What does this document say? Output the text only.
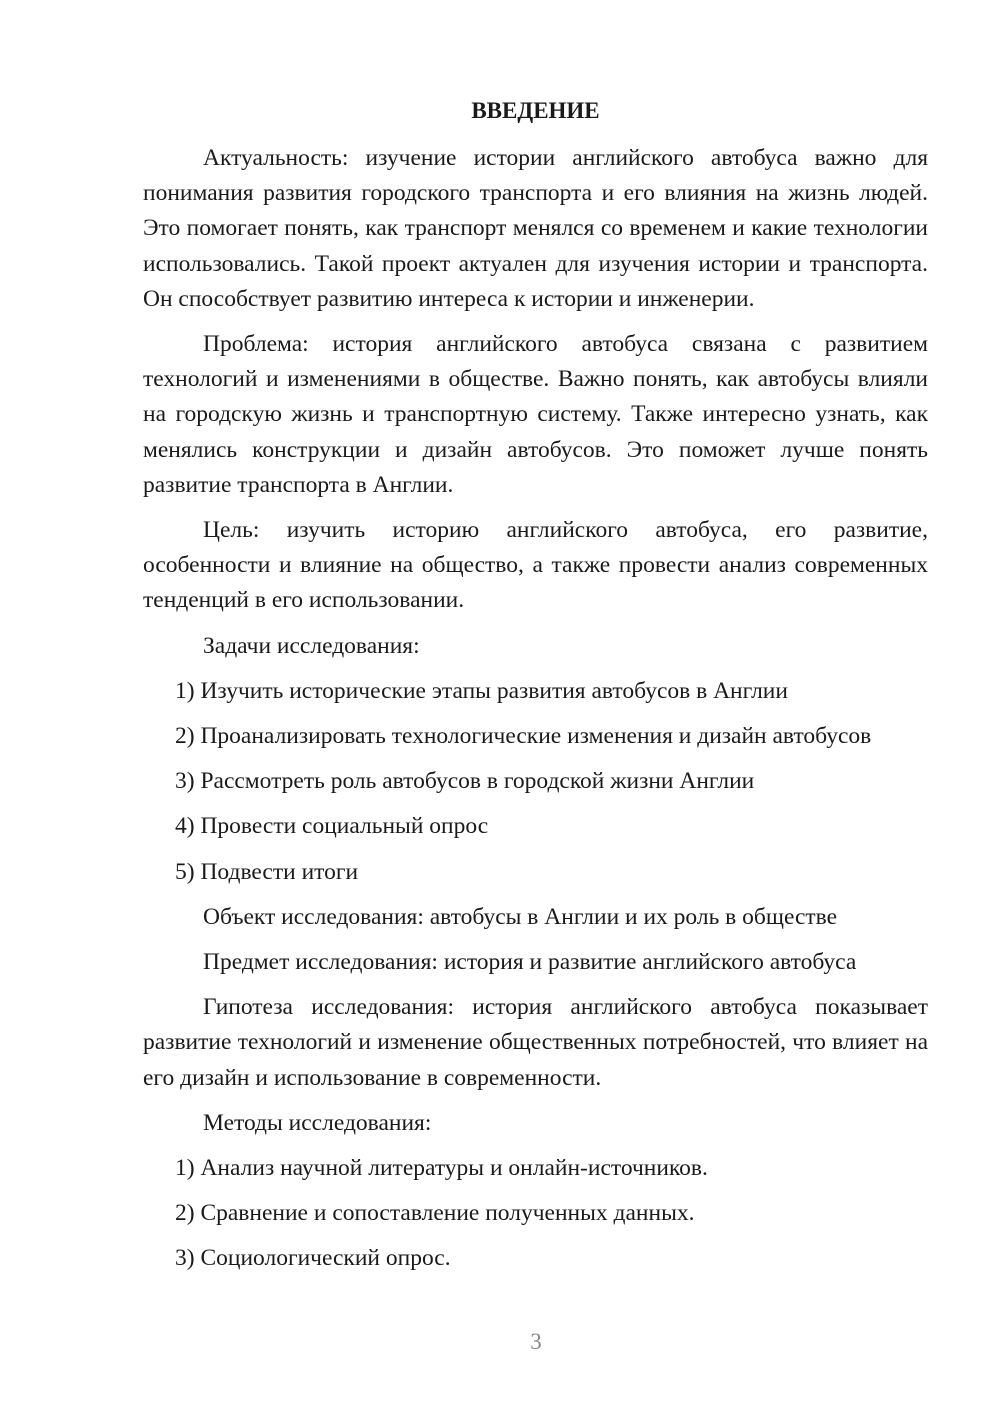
ВВЕДЕНИЕ

Актуальность: изучение истории английского автобуса важно для понимания развития городского транспорта и его влияния на жизнь людей. Это помогает понять, как транспорт менялся со временем и какие технологии использовались. Такой проект актуален для изучения истории и транспорта. Он способствует развитию интереса к истории и инженерии.

Проблема: история английского автобуса связана с развитием технологий и изменениями в обществе. Важно понять, как автобусы влияли на городскую жизнь и транспортную систему. Также интересно узнать, как менялись конструкции и дизайн автобусов. Это поможет лучше понять развитие транспорта в Англии.

Цель: изучить историю английского автобуса, его развитие, особенности и влияние на общество, а также провести анализ современных тенденций в его использовании.

Задачи исследования:

1) Изучить исторические этапы развития автобусов в Англии

2) Проанализировать технологические изменения и дизайн автобусов

3) Рассмотреть роль автобусов в городской жизни Англии

4) Провести социальный опрос

5) Подвести итоги

Объект исследования: автобусы в Англии и их роль в обществе

Предмет исследования: история и развитие английского автобуса

Гипотеза исследования: история английского автобуса показывает развитие технологий и изменение общественных потребностей, что влияет на его дизайн и использование в современности.

Методы исследования:

1) Анализ научной литературы и онлайн-источников.

2) Сравнение и сопоставление полученных данных.

3) Социологический опрос.

3
